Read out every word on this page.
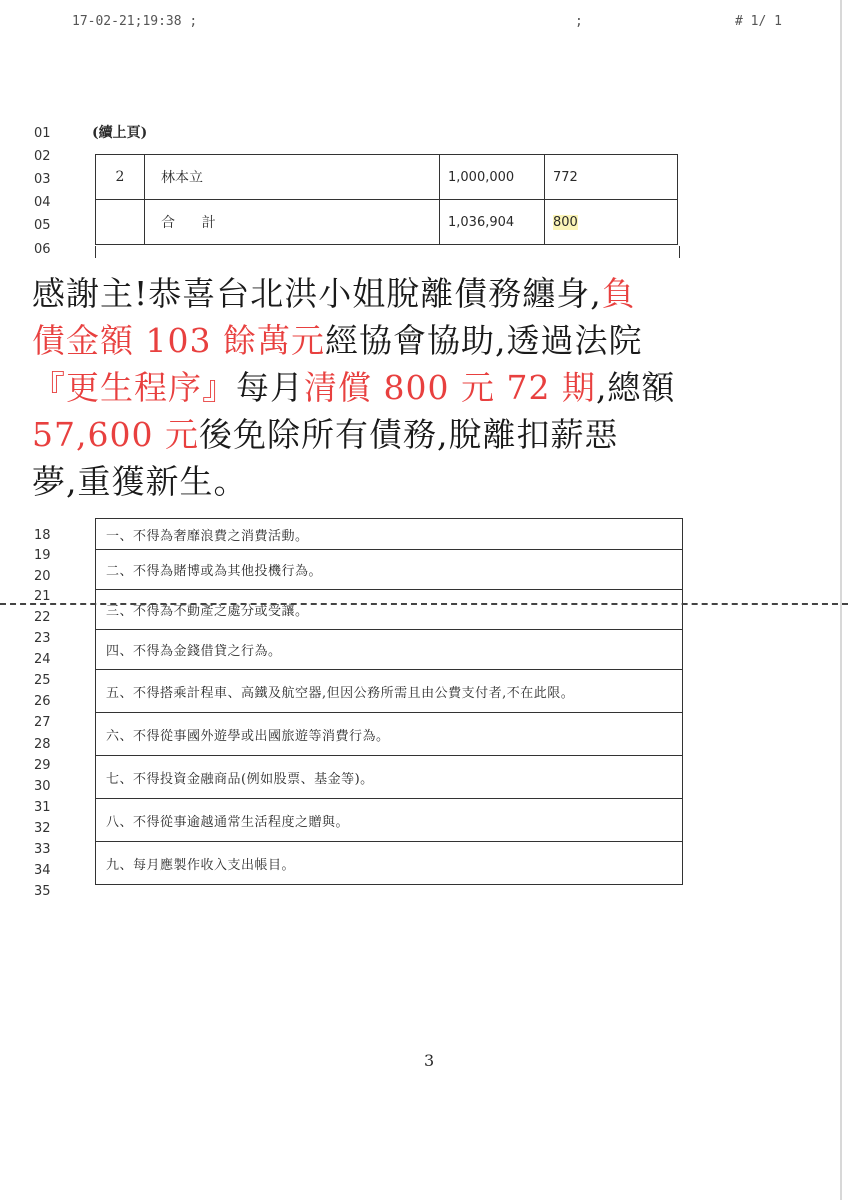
17-02-21;19:38 ;	;	# 1/ 1
01
02
03
04
05
06
(續上頁)
2	林本立	1,000,000	772
	合      計	1,036,904	800
感謝主!恭喜台北洪小姐脫離債務纏身,負
債金額 103 餘萬元經協會協助,透過法院
『更生程序』每月清償 800 元 72 期,總額
57,600 元後免除所有債務,脫離扣薪惡
夢,重獲新生。
18
19
20
21
22
23
24
25
26
27
28
29
30
31
32
33
34
35
一、不得為奢靡浪費之消費活動。
二、不得為賭博或為其他投機行為。
三、不得為不動產之處分或受讓。
四、不得為金錢借貸之行為。
五、不得搭乘計程車、高鐵及航空器,但因公務所需且由公費支付者,不在此限。
六、不得從事國外遊學或出國旅遊等消費行為。
七、不得投資金融商品(例如股票、基金等)。
八、不得從事逾越通常生活程度之贈與。
九、每月應製作收入支出帳目。
3
